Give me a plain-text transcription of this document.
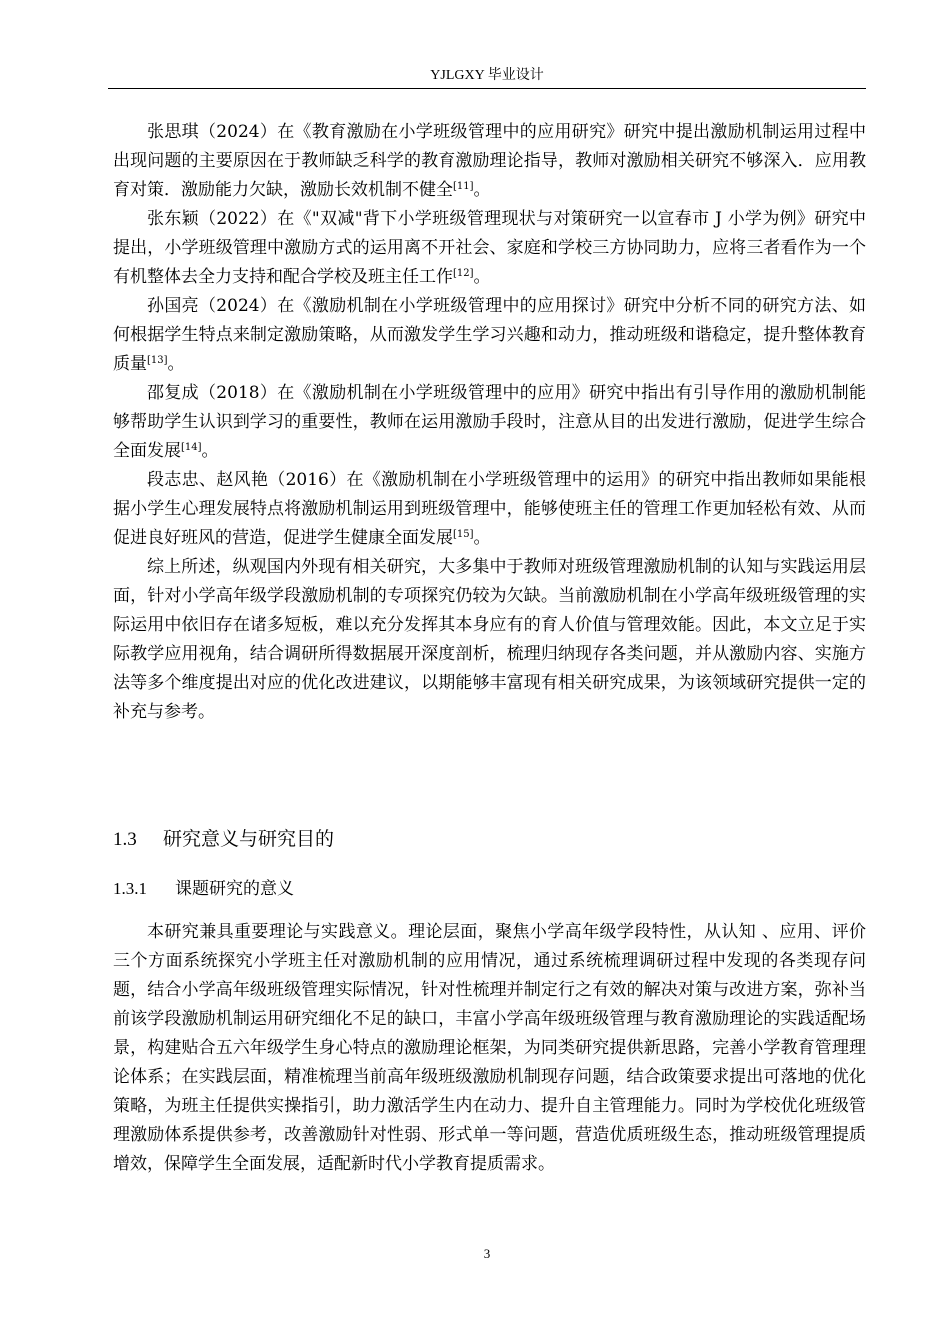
YJLGXY 毕业设计

张思琪（2024）在《教育激励在小学班级管理中的应用研究》研究中提出激励机制运用过程中出现问题的主要原因在于教师缺乏科学的教育激励理论指导，教师对激励相关研究不够深入．应用教育对策．激励能力欠缺，激励长效机制不健全[11]。

张东颖（2022）在《"双减"背下小学班级管理现状与对策研究一以宣春市 J 小学为例》研究中提出，小学班级管理中激励方式的运用离不开社会、家庭和学校三方协同助力，应将三者看作为一个有机整体去全力支持和配合学校及班主任工作[12]。

孙国亮（2024）在《激励机制在小学班级管理中的应用探讨》研究中分析不同的研究方法、如何根据学生特点来制定激励策略，从而激发学生学习兴趣和动力，推动班级和谐稳定，提升整体教育质量[13]。

邵复成（2018）在《激励机制在小学班级管理中的应用》研究中指出有引导作用的激励机制能够帮助学生认识到学习的重要性，教师在运用激励手段时，注意从目的出发进行激励，促进学生综合全面发展[14]。

段志忠、赵风艳（2016）在《激励机制在小学班级管理中的运用》的研究中指出教师如果能根据小学生心理发展特点将激励机制运用到班级管理中，能够使班主任的管理工作更加轻松有效、从而促进良好班风的营造，促进学生健康全面发展[15]。

综上所述，纵观国内外现有相关研究，大多集中于教师对班级管理激励机制的认知与实践运用层面，针对小学高年级学段激励机制的专项探究仍较为欠缺。当前激励机制在小学高年级班级管理的实际运用中依旧存在诸多短板，难以充分发挥其本身应有的育人价值与管理效能。因此，本文立足于实际教学应用视角，结合调研所得数据展开深度剖析，梳理归纳现存各类问题，并从激励内容、实施方法等多个维度提出对应的优化改进建议，以期能够丰富现有相关研究成果，为该领域研究提供一定的补充与参考。

1.3 研究意义与研究目的
1.3.1 课题研究的意义

本研究兼具重要理论与实践意义。理论层面，聚焦小学高年级学段特性，从认知 、应用、评价三个方面系统探究小学班主任对激励机制的应用情况，通过系统梳理调研过程中发现的各类现存问题，结合小学高年级班级管理实际情况，针对性梳理并制定行之有效的解决对策与改进方案，弥补当前该学段激励机制运用研究细化不足的缺口，丰富小学高年级班级管理与教育激励理论的实践适配场景，构建贴合五六年级学生身心特点的激励理论框架，为同类研究提供新思路，完善小学教育管理理论体系；在实践层面，精准梳理当前高年级班级激励机制现存问题，结合政策要求提出可落地的优化策略，为班主任提供实操指引，助力激活学生内在动力、提升自主管理能力。同时为学校优化班级管理激励体系提供参考，改善激励针对性弱、形式单一等问题，营造优质班级生态，推动班级管理提质增效，保障学生全面发展，适配新时代小学教育提质需求。

3
